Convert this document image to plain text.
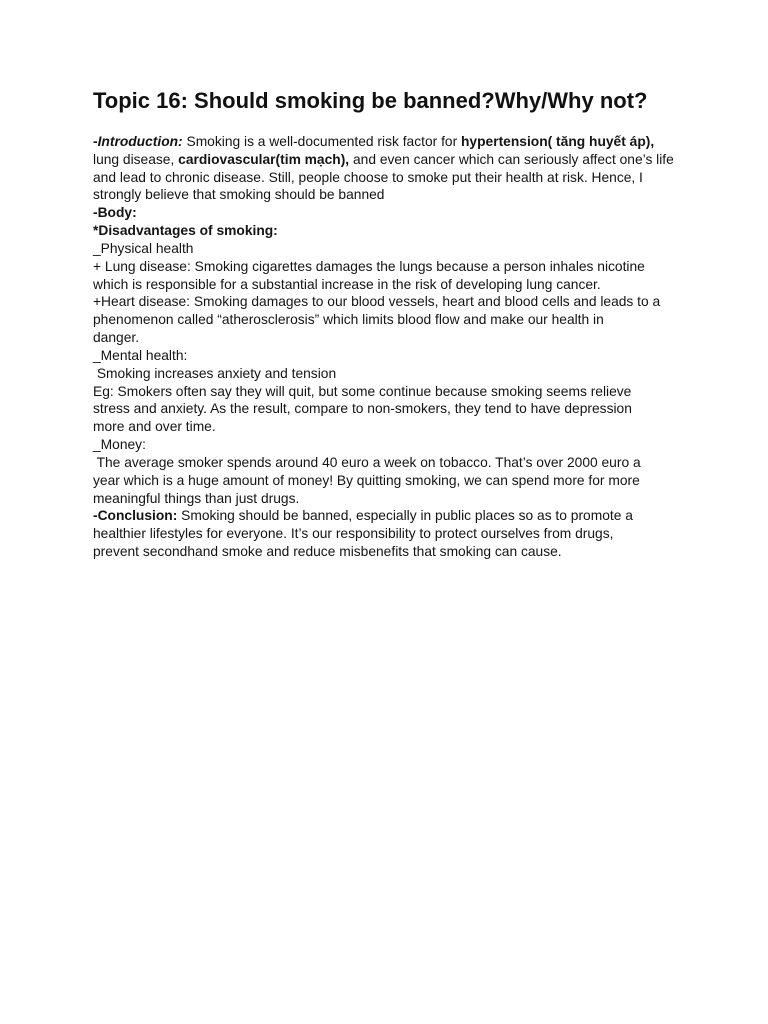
Topic 16: Should smoking be banned?Why/Why not?
-Introduction: Smoking is a well-documented risk factor for hypertension( tăng huyết áp),
lung disease, cardiovascular(tim mạch), and even cancer which can seriously affect one’s life
and lead to chronic disease. Still, people choose to smoke put their health at risk. Hence, I
strongly believe that smoking should be banned
-Body:
*Disadvantages of smoking:
_Physical health
+ Lung disease: Smoking cigarettes damages the lungs because a person inhales nicotine
which is responsible for a substantial increase in the risk of developing lung cancer.
+Heart disease: Smoking damages to our blood vessels, heart and blood cells and leads to a
phenomenon called “atherosclerosis” which limits blood flow and make our health in
danger.
_Mental health:
Smoking increases anxiety and tension
Eg: Smokers often say they will quit, but some continue because smoking seems relieve
stress and anxiety. As the result, compare to non-smokers, they tend to have depression
more and over time.
_Money:
The average smoker spends around 40 euro a week on tobacco. That’s over 2000 euro a
year which is a huge amount of money! By quitting smoking, we can spend more for more
meaningful things than just drugs.
-Conclusion: Smoking should be banned, especially in public places so as to promote a
healthier lifestyles for everyone. It’s our responsibility to protect ourselves from drugs,
prevent secondhand smoke and reduce misbenefits that smoking can cause.
